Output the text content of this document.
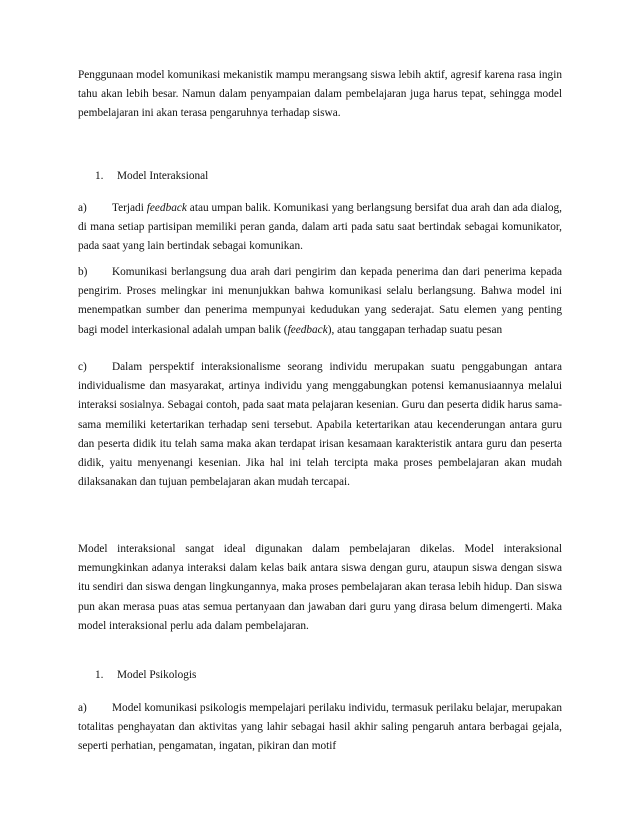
Penggunaan model komunikasi mekanistik mampu merangsang siswa lebih aktif, agresif karena rasa ingin tahu akan lebih besar. Namun dalam penyampaian dalam pembelajaran juga harus tepat, sehingga model pembelajaran ini akan terasa pengaruhnya terhadap siswa.

1. Model Interaksional

a) Terjadi feedback atau umpan balik. Komunikasi yang berlangsung bersifat dua arah dan ada dialog, di mana setiap partisipan memiliki peran ganda, dalam arti pada satu saat bertindak sebagai komunikator, pada saat yang lain bertindak sebagai komunikan.

b) Komunikasi berlangsung dua arah dari pengirim dan kepada penerima dan dari penerima kepada pengirim. Proses melingkar ini menunjukkan bahwa komunikasi selalu berlangsung. Bahwa model ini menempatkan sumber dan penerima mempunyai kedudukan yang sederajat. Satu elemen yang penting bagi model interkasional adalah umpan balik (feedback), atau tanggapan terhadap suatu pesan

c) Dalam perspektif interaksionalisme seorang individu merupakan suatu penggabungan antara individualisme dan masyarakat, artinya individu yang menggabungkan potensi kemanusiaannya melalui interaksi sosialnya. Sebagai contoh, pada saat mata pelajaran kesenian. Guru dan peserta didik harus sama-sama memiliki ketertarikan terhadap seni tersebut. Apabila ketertarikan atau kecenderungan antara guru dan peserta didik itu telah sama maka akan terdapat irisan kesamaan karakteristik antara guru dan peserta didik, yaitu menyenangi kesenian. Jika hal ini telah tercipta maka proses pembelajaran akan mudah dilaksanakan dan tujuan pembelajaran akan mudah tercapai.

Model interaksional sangat ideal digunakan dalam pembelajaran dikelas. Model interaksional memungkinkan adanya interaksi dalam kelas baik antara siswa dengan guru, ataupun siswa dengan siswa itu sendiri dan siswa dengan lingkungannya, maka proses pembelajaran akan terasa lebih hidup. Dan siswa pun akan merasa puas atas semua pertanyaan dan jawaban dari guru yang dirasa belum dimengerti. Maka model interaksional perlu ada dalam pembelajaran.

1. Model Psikologis

a) Model komunikasi psikologis mempelajari perilaku individu, termasuk perilaku belajar, merupakan totalitas penghayatan dan aktivitas yang lahir sebagai hasil akhir saling pengaruh antara berbagai gejala, seperti perhatian, pengamatan, ingatan, pikiran dan motif
